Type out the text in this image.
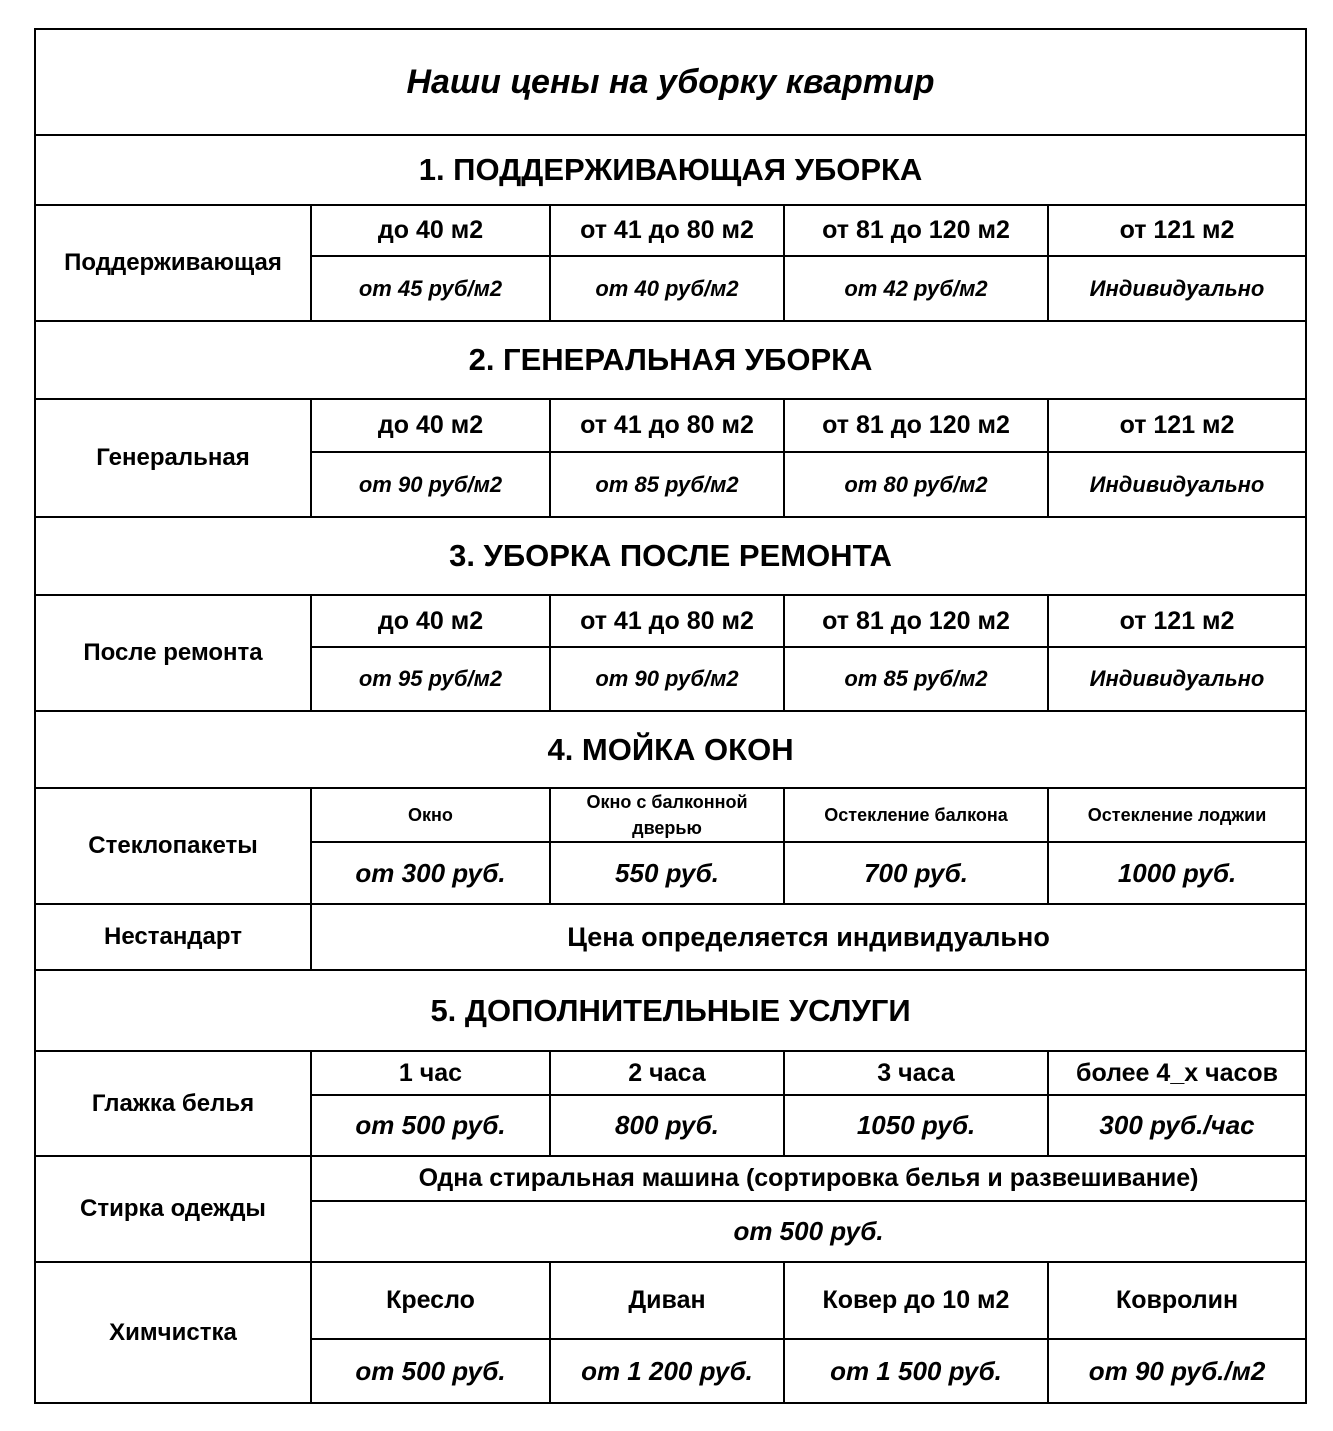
Наши цены на уборку квартир				
1. ПОДДЕРЖИВАЮЩАЯ УБОРКА				
Поддерживающая	до 40 м2	от 41 до 80 м2	от 81 до 120 м2	от 121 м2
	от 45 руб/м2	от 40 руб/м2	от 42 руб/м2	Индивидуально
2. ГЕНЕРАЛЬНАЯ УБОРКА				
Генеральная	до 40 м2	от 41 до 80 м2	от 81 до 120 м2	от 121 м2
	от 90 руб/м2	от 85 руб/м2	от 80 руб/м2	Индивидуально
3. УБОРКА ПОСЛЕ РЕМОНТА				
После ремонта	до 40 м2	от 41 до 80 м2	от 81 до 120 м2	от 121 м2
	от 95 руб/м2	от 90 руб/м2	от 85 руб/м2	Индивидуально
4. МОЙКА ОКОН				
Стеклопакеты	Окно	Окно с балконной дверью	Остекление балкона	Остекление лоджии
	от 300 руб.	550 руб.	700 руб.	1000 руб.
Нестандарт	Цена определяется индивидуально			
5. ДОПОЛНИТЕЛЬНЫЕ УСЛУГИ				
Глажка белья	1 час	2 часа	3 часа	более 4_х часов
	от 500 руб.	800 руб.	1050 руб.	300 руб./час
Стирка одежды	Одна стиральная машина (сортировка белья и развешивание)			
	от 500 руб.			
Химчистка	Кресло	Диван	Ковер до 10 м2	Ковролин
	от 500 руб.	от 1 200 руб.	от 1 500 руб.	от 90 руб./м2
